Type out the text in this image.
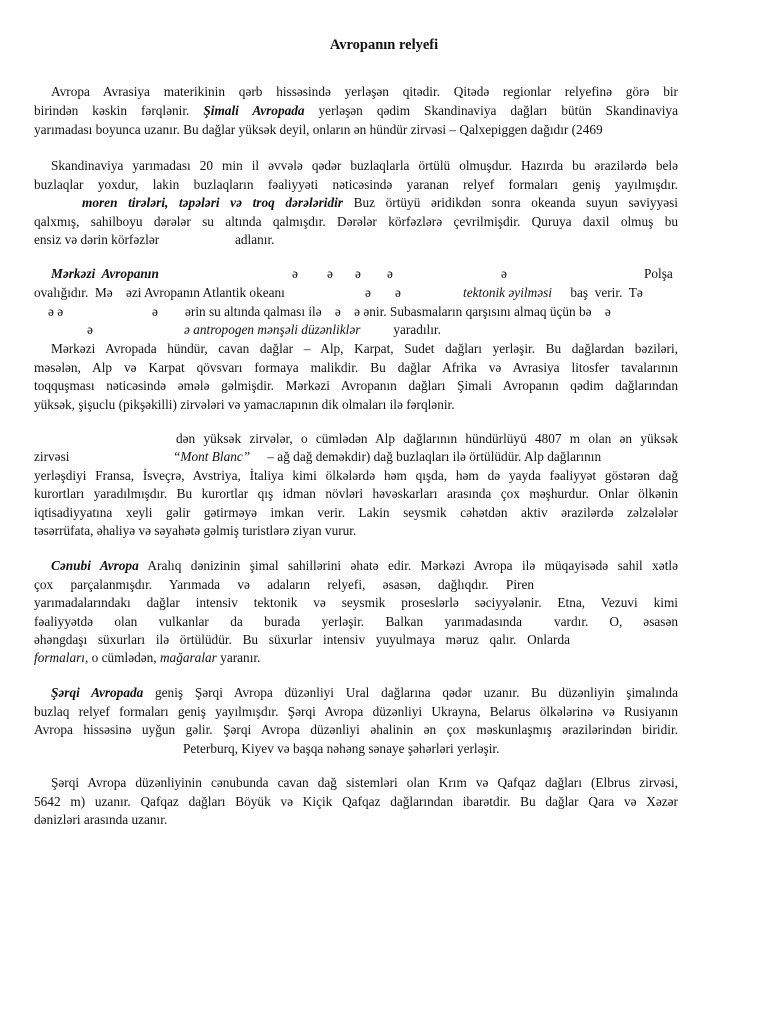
Avropanın relyefi
Avropa Avrasiya materikinin qərb hissəsində yerləşən qitədir. Qitədə regionlar relyefinə görə bir
birindən kəskin fərqlənir. Şimali Avropada yerləşən qədim Skandinaviya dağları bütün Skandinaviya
yarımadası boyunca uzanır. Bu dağlar yüksək deyil, onların ən hündür zirvəsi – Qalxepiggen dağıdır (2469
Skandinaviya yarımadası 20 min il əvvələ qədər buzlaqlarla örtülü olmuşdur. Hazırda bu ərazilərdə belə
buzlaqlar yoxdur, lakin buzlaqların fəaliyyəti nəticəsində yaranan relyef formaları geniş yayılmışdır.
moren tirələri, təpələri və troq dərələridir Buz örtüyü əridikdən sonra okeanda suyun səviyyəsi
qalxmış, sahilboyu dərələr su altında qalmışdır. Dərələr körfəzlərə çevrilmişdir. Quruya daxil olmuş bu

ensiz və dərin körfəzlər

	adlanır.

Mərkəzi  Avropanın

	ə

ə

ə

ə

	ə

	Polşa

ovalığıdır.  Mə    əzi Avropanın Atlantik okeanı

	ə

ə

	tektonik əyilməsi

baş  verir.  Tə

ə ə

	ə

ərin su altında qalması ilə    ə    ə ənir. Subasmaların qarşısını almaq üçün bə    ə

ə

	ə antropogen mənşəli düzənliklər

yaradılır.

Mərkəzi Avropada hündür, cavan dağlar – Alp, Karpat, Sudet dağları yerləşir. Bu dağlardan bəziləri,
məsələn, Alp və Karpat qövsvarı formaya malikdir. Bu dağlar Afrika və Avrasiya litosfer tavalarının
toqquşması nəticəsində əmələ gəlmişdir. Mərkəzi Avropanın dağları Şimali Avropanın qədim dağlarından
yüksək, şişuclu (pikşəkilli) zirvələri və yamacларının dik olmaları ilə fərqlənir.
dən yüksək zirvələr, o cümlədən Alp dağlarının hündürlüyü 4807 m olan ən yüksək

zirvəsi

	“Mont Blanc”

– ağ dağ deməkdir) dağ buzlaqları ilə örtülüdür. Alp dağlarının

yerləşdiyi Fransa, İsveçrə, Avstriya, İtaliya kimi ölkələrdə həm qışda, həm də yayda fəaliyyət göstərən dağ
kurortları yaradılmışdır. Bu kurortlar qış idman növləri həvəskarları arasında çox məşhurdur. Onlar ölkənin
iqtisadiyyatına xeyli gəlir gətirməyə imkan verir. Lakin seysmik cəhətdən aktiv ərazilərdə zəlzələlər
təsərrüfata, əhaliyə və səyahətə gəlmiş turistlərə ziyan vurur.
Cənubi Avropa Aralıq dənizinin şimal sahillərini əhatə edir. Mərkəzi Avropa ilə müqayisədə sahil xətlə
çox  parçalanmışdır.  Yarımada  və  adaların  relyefi,  əsasən,  dağlıqdır.  Piren
yarımadalarındakı dağlar intensiv tektonik və seysmik proseslərlə səciyyələnir. Etna, Vezuvi kimi

fəaliyyətdə  olan  vulkanlar  da  burada  yerləşir.  Balkan  yarımadasında

vardır. O, əsasən

əhəngdaşı  süxurları  ilə  örtülüdür.  Bu  süxurlar  intensiv  yuyulmaya  məruz  qalır.  Onlarda
formaları, o cümlədən, mağaralar yaranır.
Şərqi Avropada geniş Şərqi Avropa düzənliyi Ural dağlarına qədər uzanır. Bu düzənliyin şimalında
buzlaq relyef formaları geniş yayılmışdır. Şərqi Avropa düzənliyi Ukrayna, Belarus ölkələrinə və Rusiyanın
Avropa hissəsinə uyğun gəlir. Şərqi Avropa düzənliyi əhalinin ən çox məskunlaşmış ərazilərindən biridir.
Peterburq, Kiyev və başqa nəhəng sənaye şəhərləri yerləşir.
Şərqi Avropa düzənliyinin cənubunda cavan dağ sistemləri olan Krım və Qafqaz dağları (Elbrus zirvəsi,
5642 m) uzanır. Qafqaz dağları Böyük və Kiçik Qafqaz dağlarından ibarətdir. Bu dağlar Qara və Xəzər
dənizləri arasında uzanır.
